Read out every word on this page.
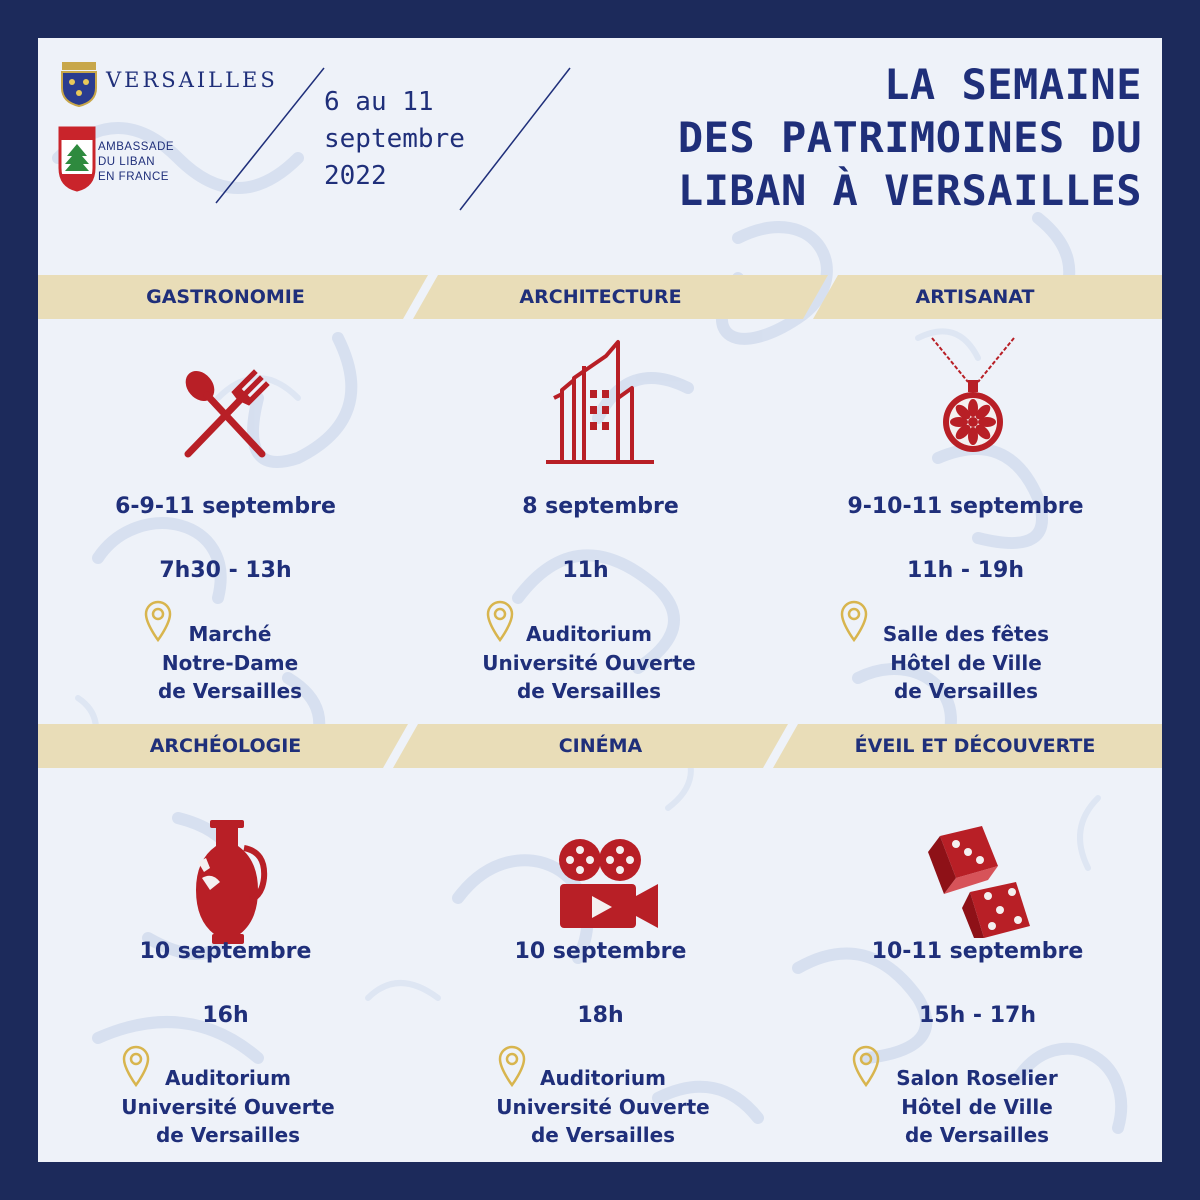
VERSAILLES
AMBASSADE
DU LIBAN
EN FRANCE
6 au 11
septembre
2022
LA SEMAINE
DES PATRIMOINES DU
LIBAN À VERSAILLES
GASTRONOMIE	ARCHITECTURE	ARTISANAT
ARCHÉOLOGIE	CINÉMA	ÉVEIL ET DÉCOUVERTE
6-9-11 septembre	8 septembre	9-10-11 septembre
7h30 - 13h	11h	11h - 19h
Marché
Notre-Dame
de Versailles
Auditorium
Université Ouverte
de Versailles
Salle des fêtes
Hôtel de Ville
de Versailles
10 septembre	10 septembre	10-11 septembre
16h	18h	15h - 17h
Auditorium
Université Ouverte
de Versailles
Auditorium
Université Ouverte
de Versailles
Salon Roselier
Hôtel de Ville
de Versailles
